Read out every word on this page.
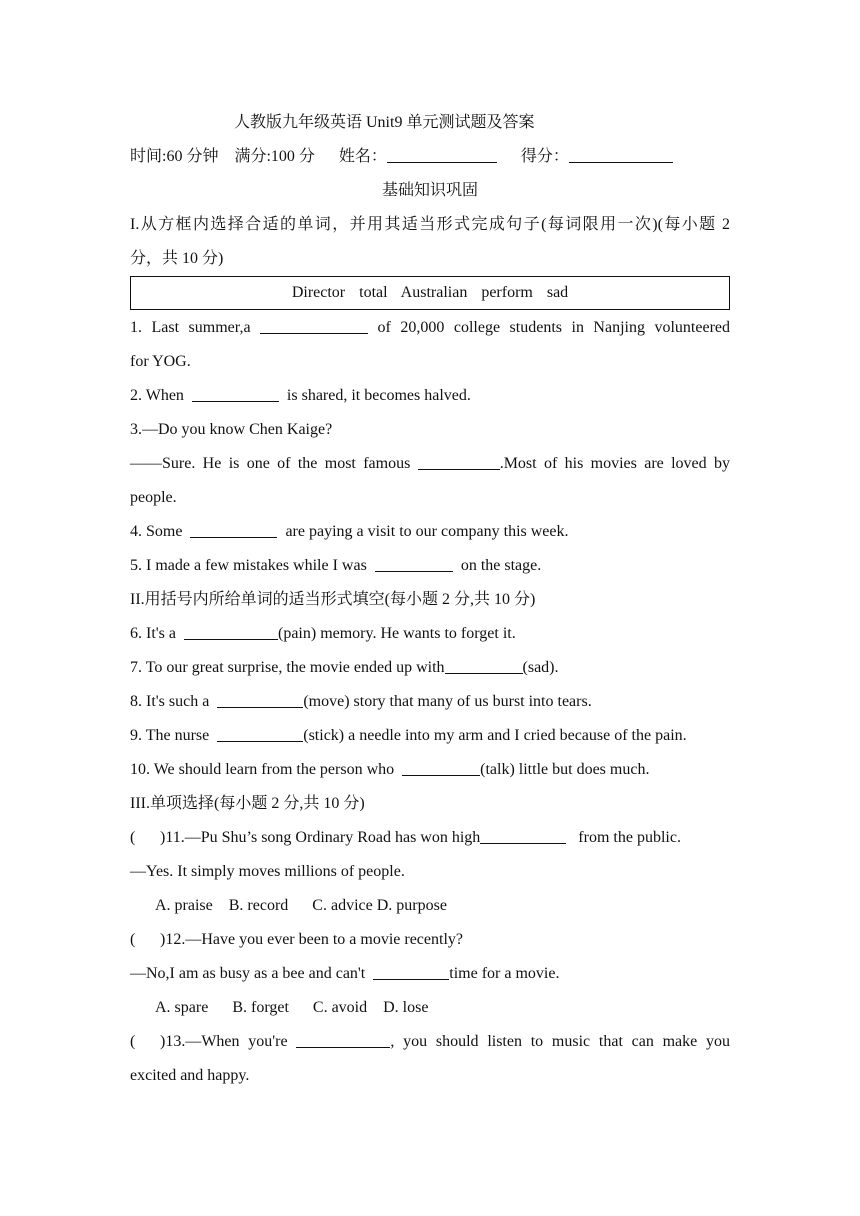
人教版九年级英语 Unit9 单元测试题及答案
时间:60 分钟 满分:100 分 姓名：	得分：
基础知识巩固
I.从方框内选择合适的单词，并用其适当形式完成句子(每词限用一次)(每小题 2
分，共 10 分)
Director total Australian perform sad
1. Last summer,a	of 20,000 college students in Nanjing volunteered
for YOG.
2. When	is shared, it becomes halved.
3.—Do you know Chen Kaige?
——Sure. He is one of the most famous	.Most of his movies are loved by
people.
4. Some	are paying a visit to our company this week.
5. I made a few mistakes while I was	on the stage.
II.用括号内所给单词的适当形式填空(每小题 2 分,共 10 分)
6. It's a	(pain) memory. He wants to forget it.
7. To our great surprise, the movie ended up with	(sad).
8. It's such a	(move) story that many of us burst into tears.
9. The nurse	(stick) a needle into my arm and I cried because of the pain.
10. We should learn from the person who	(talk) little but does much.
III.单项选择(每小题 2 分,共 10 分)
( )11.—Pu Shu’s song Ordinary Road has won high	from the public.
—Yes. It simply moves millions of people.
A. praise    B. record      C. advice D. purpose
( )12.—Have you ever been to a movie recently?
—No,I am as busy as a bee and can't	time for a movie.
A. spare      B. forget      C. avoid    D. lose
( )13.—When you're	, you should listen to music that can make you
excited and happy.
